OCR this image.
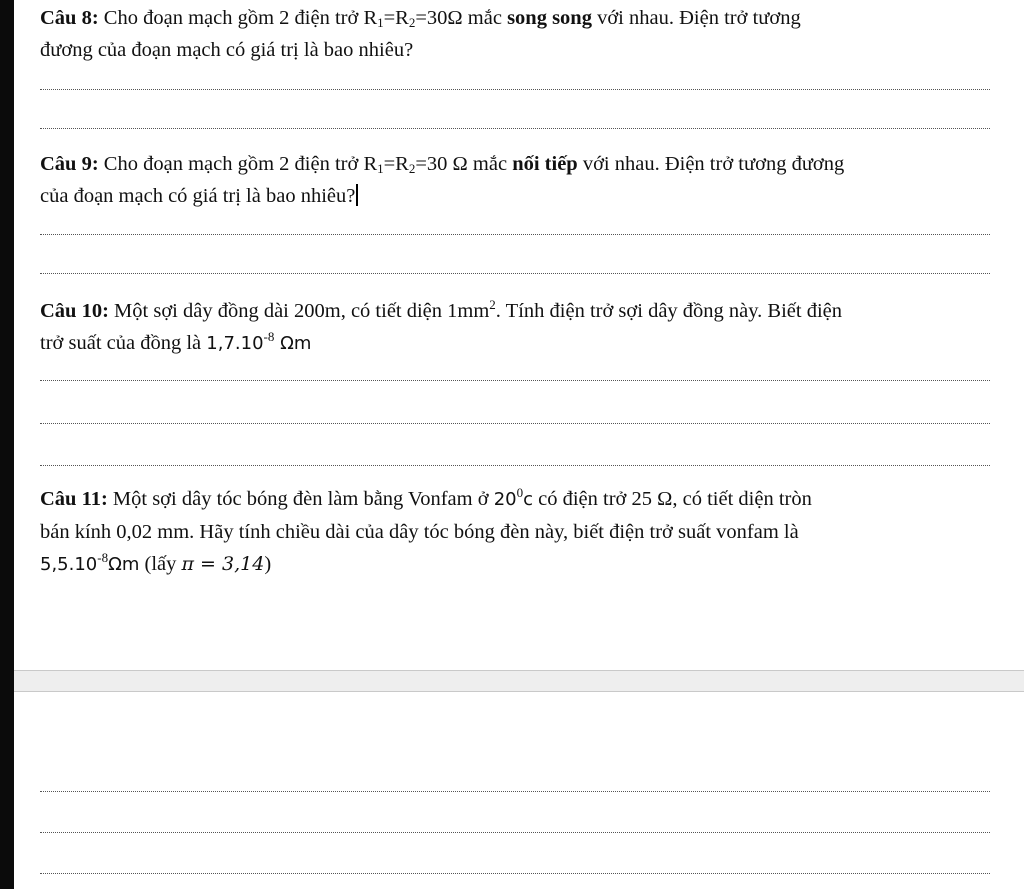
Câu 8: Cho đoạn mạch gồm 2 điện trở $R_1=R_2=30\Omega$ mắc song song với nhau. Điện trở tương
đương của đoạn mạch có giá trị là bao nhiêu?
Câu 9: Cho đoạn mạch gồm 2 điện trở $R_1=R_2=30$ Ω mắc nối tiếp với nhau. Điện trở tương đương
của đoạn mạch có giá trị là bao nhiêu?
Câu 10: Một sợi dây đồng dài 200m, có tiết diện $1mm^2$. Tính điện trở sợi dây đồng này. Biết điện
trở suất của đồng là $1,7.10^{-8}$ Ωm
Câu 11: Một sợi dây tóc bóng đèn làm bằng Vonfam ở $20^0c$ có điện trở 25 Ω, có tiết diện tròn
bán kính 0,02 mm. Hãy tính chiều dài của dây tóc bóng đèn này, biết điện trở suất vonfam là
$5,5.10^{-8}\Omega m$ (lấy π = 3,14)
